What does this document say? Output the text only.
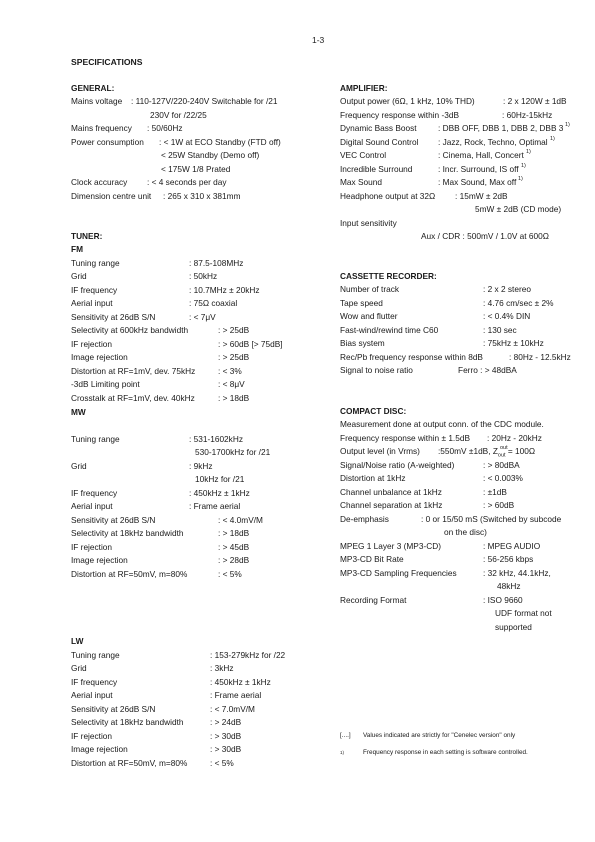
1-3
SPECIFICATIONS
GENERAL:
Mains voltage : 110-127V/220-240V Switchable for /21
230V for /22/25
Mains frequency : 50/60Hz
Power consumption : < 1W at ECO Standby (FTD off)
< 25W Standby (Demo off)
< 175W 1/8 Prated
Clock accuracy : < 4 seconds per day
Dimension centre unit : 265 x 310 x 381mm
TUNER:
FM
Tuning range	: 87.5-108MHz
Grid	: 50kHz
IF frequency	: 10.7MHz ± 20kHz
Aerial input	: 75Ω coaxial
Sensitivity at 26dB S/N	: < 7μV
Selectivity at 600kHz bandwidth	: > 25dB
IF rejection	: > 60dB [> 75dB]
Image rejection	: > 25dB
Distortion at RF=1mV, dev. 75kHz	: < 3%
-3dB Limiting point	: < 8μV
Crosstalk at RF=1mV, dev. 40kHz	: > 18dB
MW
Tuning range	: 531-1602kHz
530-1700kHz for /21
Grid	: 9kHz
10kHz for /21
IF frequency	: 450kHz ± 1kHz
Aerial input	: Frame aerial
Sensitivity at 26dB S/N	: < 4.0mV/M
Selectivity at 18kHz bandwidth	: > 18dB
IF rejection	: > 45dB
Image rejection	: > 28dB
Distortion at RF=50mV, m=80%	: < 5%
LW
Tuning range	: 153-279kHz for /22
Grid	: 3kHz
IF frequency	: 450kHz ± 1kHz
Aerial input	: Frame aerial
Sensitivity at 26dB S/N	: < 7.0mV/M
Selectivity at 18kHz bandwidth	: > 24dB
IF rejection	: > 30dB
Image rejection	: > 30dB
Distortion at RF=50mV, m=80%	: < 5%
AMPLIFIER:
Output power (6Ω, 1 kHz, 10% THD)	: 2 x 120W ± 1dB
Frequency response within -3dB	: 60Hz-15kHz
Dynamic Bass Boost	: DBB OFF, DBB 1, DBB 2, DBB 3 1)
Digital Sound Control : Jazz, Rock, Techno, Optimal 1)
VEC Control	: Cinema, Hall, Concert 1)
Incredible Surround	: Incr. Surround, IS off 1)
Max Sound	: Max Sound, Max off 1)
Headphone output at 32Ω : 15mW ± 2dB
5mW ± 2dB (CD mode)
Input sensitivity
Aux / CDR : 500mV / 1.0V at 600Ω
CASSETTE RECORDER:
Number of track	: 2 x 2 stereo
Tape speed	: 4.76 cm/sec ± 2%
Wow and flutter	: < 0.4% DIN
Fast-wind/rewind time C60	: 130 sec
Bias system	: 75kHz ± 10kHz
Rec/Pb frequency response within 8dB	: 80Hz - 12.5kHz
Signal to noise ratio	Ferro : > 48dBA
COMPACT DISC:
Measurement done at output conn. of the CDC module.
Frequency response within ± 1.5dB : 20Hz - 20kHz
Output level (in Vrms) :550mV ±1dB, $Z_{out} = 100\Omega$
out
Signal/Noise ratio (A-weighted)	: > 80dBA
Distortion at 1kHz	: < 0.003%
Channel unbalance at 1kHz	: ±1dB
Channel separation at 1kHz	: > 60dB
De-emphasis	: 0 or 15/50 mS (Switched by subcode
on the disc)
MPEG 1 Layer 3 (MP3-CD)	: MPEG AUDIO
MP3-CD Bit Rate	: 56-256 kbps
MP3-CD Sampling Frequencies	: 32 kHz, 44.1kHz,
48kHz
Recording Format	: ISO 9660
UDF format not
supported
[....] Values indicated are strictly for "Cenelec version" only
1)	Frequency response in each setting is software controlled.
